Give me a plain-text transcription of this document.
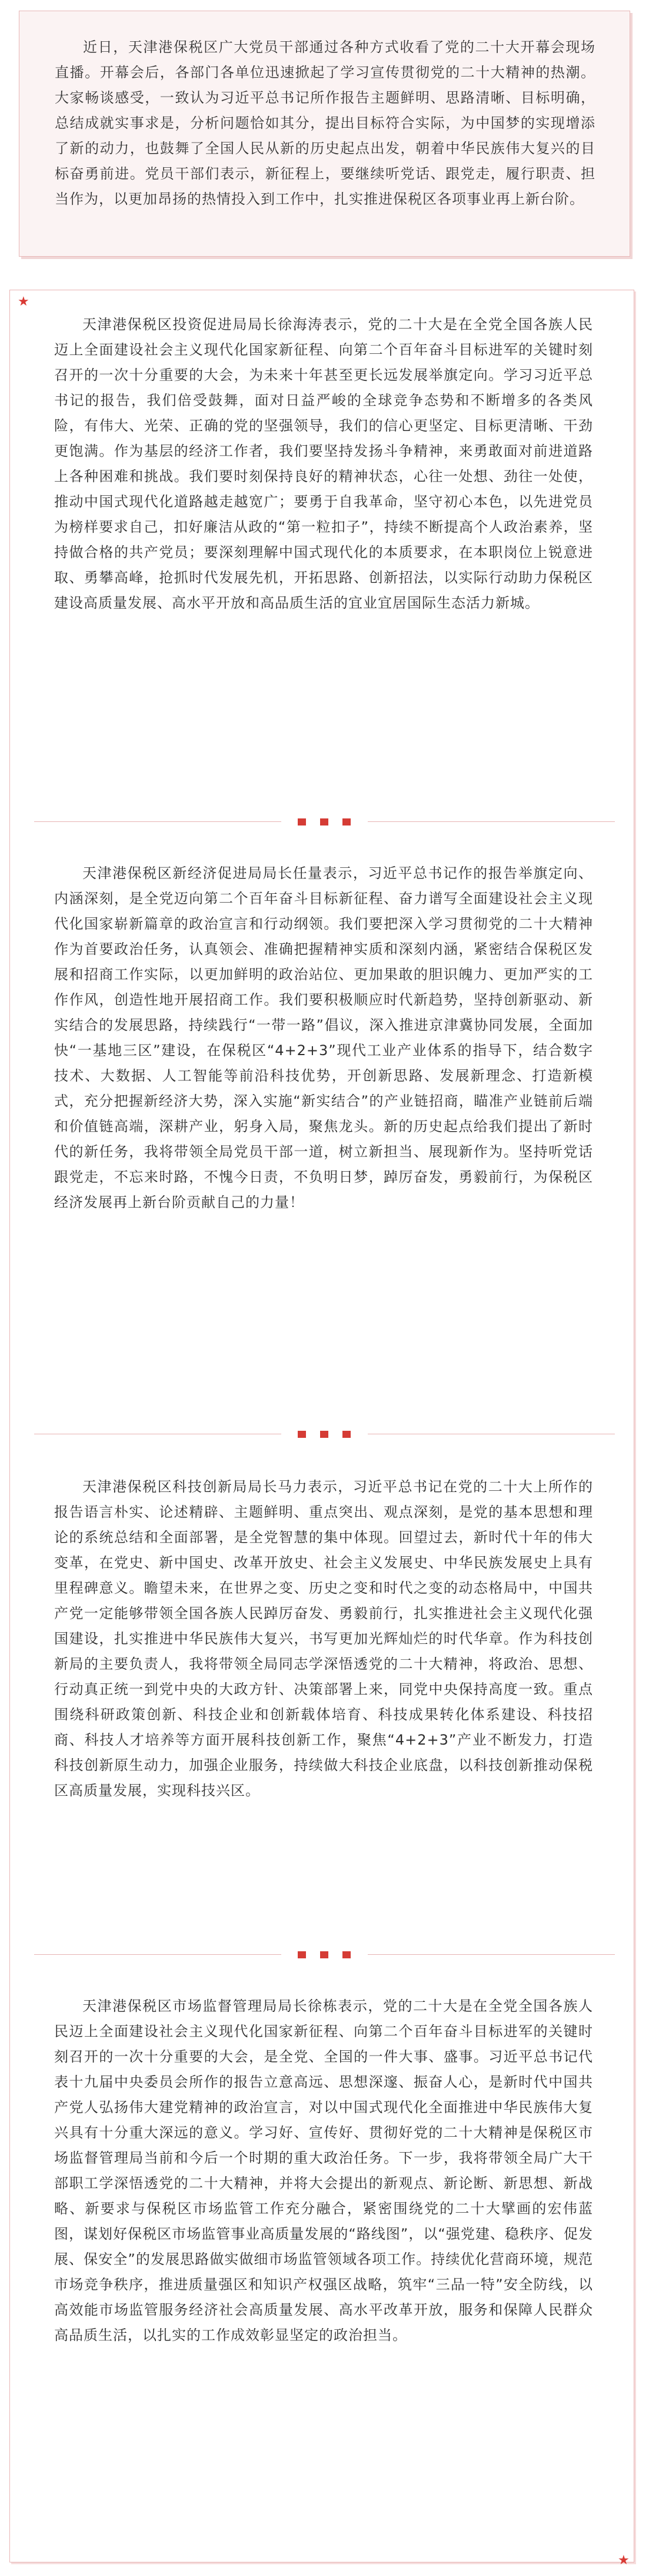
近日，天津港保税区广大党员干部通过各种方式收看了党的二十大开幕会现场直播。开幕会后，各部门各单位迅速掀起了学习宣传贯彻党的二十大精神的热潮。大家畅谈感受，一致认为习近平总书记所作报告主题鲜明、思路清晰、目标明确，总结成就实事求是，分析问题恰如其分，提出目标符合实际，为中国梦的实现增添了新的动力，也鼓舞了全国人民从新的历史起点出发，朝着中华民族伟大复兴的目标奋勇前进。党员干部们表示，新征程上，要继续听党话、跟党走，履行职责、担当作为，以更加昂扬的热情投入到工作中，扎实推进保税区各项事业再上新台阶。

★
★

天津港保税区投资促进局局长徐海涛表示，党的二十大是在全党全国各族人民迈上全面建设社会主义现代化国家新征程、向第二个百年奋斗目标进军的关键时刻召开的一次十分重要的大会，为未来十年甚至更长远发展举旗定向。学习习近平总书记的报告，我们倍受鼓舞，面对日益严峻的全球竞争态势和不断增多的各类风险，有伟大、光荣、正确的党的坚强领导，我们的信心更坚定、目标更清晰、干劲更饱满。作为基层的经济工作者，我们要坚持发扬斗争精神，来勇敢面对前进道路上各种困难和挑战。我们要时刻保持良好的精神状态，心往一处想、劲往一处使，推动中国式现代化道路越走越宽广；要勇于自我革命，坚守初心本色，以先进党员为榜样要求自己，扣好廉洁从政的“第一粒扣子”，持续不断提高个人政治素养，坚持做合格的共产党员；要深刻理解中国式现代化的本质要求，在本职岗位上锐意进取、勇攀高峰，抢抓时代发展先机，开拓思路、创新招法，以实际行动助力保税区建设高质量发展、高水平开放和高品质生活的宜业宜居国际生态活力新城。

天津港保税区新经济促进局局长任量表示，习近平总书记作的报告举旗定向、内涵深刻，是全党迈向第二个百年奋斗目标新征程、奋力谱写全面建设社会主义现代化国家崭新篇章的政治宣言和行动纲领。我们要把深入学习贯彻党的二十大精神作为首要政治任务，认真领会、准确把握精神实质和深刻内涵，紧密结合保税区发展和招商工作实际，以更加鲜明的政治站位、更加果敢的胆识魄力、更加严实的工作作风，创造性地开展招商工作。我们要积极顺应时代新趋势，坚持创新驱动、新实结合的发展思路，持续践行“一带一路”倡议，深入推进京津冀协同发展，全面加快“一基地三区”建设，在保税区“4+2+3”现代工业产业体系的指导下，结合数字技术、大数据、人工智能等前沿科技优势，开创新思路、发展新理念、打造新模式，充分把握新经济大势，深入实施“新实结合”的产业链招商，瞄准产业链前后端和价值链高端，深耕产业，躬身入局，聚焦龙头。新的历史起点给我们提出了新时代的新任务，我将带领全局党员干部一道，树立新担当、展现新作为。坚持听党话跟党走，不忘来时路，不愧今日责，不负明日梦，踔厉奋发，勇毅前行，为保税区经济发展再上新台阶贡献自己的力量！

天津港保税区科技创新局局长马力表示，习近平总书记在党的二十大上所作的报告语言朴实、论述精辟、主题鲜明、重点突出、观点深刻，是党的基本思想和理论的系统总结和全面部署，是全党智慧的集中体现。回望过去，新时代十年的伟大变革，在党史、新中国史、改革开放史、社会主义发展史、中华民族发展史上具有里程碑意义。瞻望未来，在世界之变、历史之变和时代之变的动态格局中，中国共产党一定能够带领全国各族人民踔厉奋发、勇毅前行，扎实推进社会主义现代化强国建设，扎实推进中华民族伟大复兴，书写更加光辉灿烂的时代华章。作为科技创新局的主要负责人，我将带领全局同志学深悟透党的二十大精神，将政治、思想、行动真正统一到党中央的大政方针、决策部署上来，同党中央保持高度一致。重点围绕科研政策创新、科技企业和创新载体培育、科技成果转化体系建设、科技招商、科技人才培养等方面开展科技创新工作，聚焦“4+2+3”产业不断发力，打造科技创新原生动力，加强企业服务，持续做大科技企业底盘，以科技创新推动保税区高质量发展，实现科技兴区。

天津港保税区市场监督管理局局长徐栋表示，党的二十大是在全党全国各族人民迈上全面建设社会主义现代化国家新征程、向第二个百年奋斗目标进军的关键时刻召开的一次十分重要的大会，是全党、全国的一件大事、盛事。习近平总书记代表十九届中央委员会所作的报告立意高远、思想深邃、振奋人心，是新时代中国共产党人弘扬伟大建党精神的政治宣言，对以中国式现代化全面推进中华民族伟大复兴具有十分重大深远的意义。学习好、宣传好、贯彻好党的二十大精神是保税区市场监督管理局当前和今后一个时期的重大政治任务。下一步，我将带领全局广大干部职工学深悟透党的二十大精神，并将大会提出的新观点、新论断、新思想、新战略、新要求与保税区市场监管工作充分融合，紧密围绕党的二十大擘画的宏伟蓝图，谋划好保税区市场监管事业高质量发展的“路线图”，以“强党建、稳秩序、促发展、保安全”的发展思路做实做细市场监管领域各项工作。持续优化营商环境，规范市场竞争秩序，推进质量强区和知识产权强区战略，筑牢“三品一特”安全防线，以高效能市场监管服务经济社会高质量发展、高水平改革开放，服务和保障人民群众高品质生活，以扎实的工作成效彰显坚定的政治担当。
